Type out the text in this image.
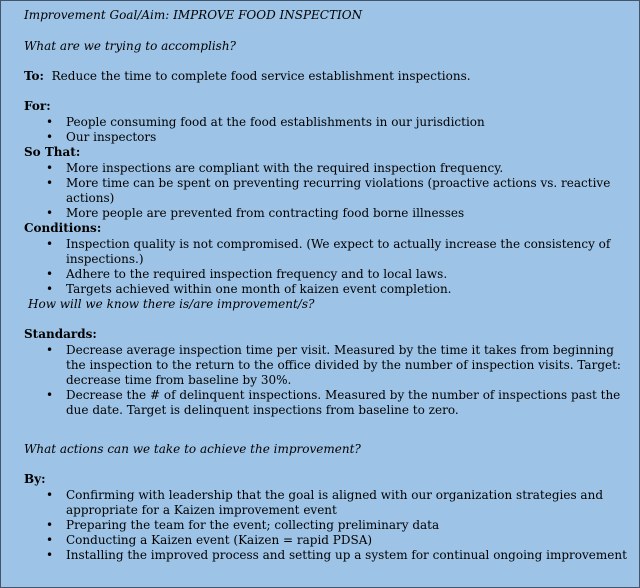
Improvement Goal/Aim: IMPROVE FOOD INSPECTION

What are we trying to accomplish?

To: Reduce the time to complete food service establishment inspections.

For:

• People consuming food at the food establishments in our jurisdiction
• Our inspectors

So That:

• More inspections are compliant with the required inspection frequency.
• More time can be spent on preventing recurring violations (proactive actions vs. reactive actions)
• More people are prevented from contracting food borne illnesses

Conditions:

• Inspection quality is not compromised. (We expect to actually increase the consistency of inspections.)
• Adhere to the required inspection frequency and to local laws.
• Targets achieved within one month of kaizen event completion.

How will we know there is/are improvement/s?

Standards:

• Decrease average inspection time per visit. Measured by the time it takes from beginning the inspection to the return to the office divided by the number of inspection visits. Target: decrease time from baseline by 30%.
• Decrease the # of delinquent inspections. Measured by the number of inspections past the due date. Target is delinquent inspections from baseline to zero.

What actions can we take to achieve the improvement?

By:

• Confirming with leadership that the goal is aligned with our organization strategies and appropriate for a Kaizen improvement event
• Preparing the team for the event; collecting preliminary data
• Conducting a Kaizen event (Kaizen = rapid PDSA)
• Installing the improved process and setting up a system for continual ongoing improvement
